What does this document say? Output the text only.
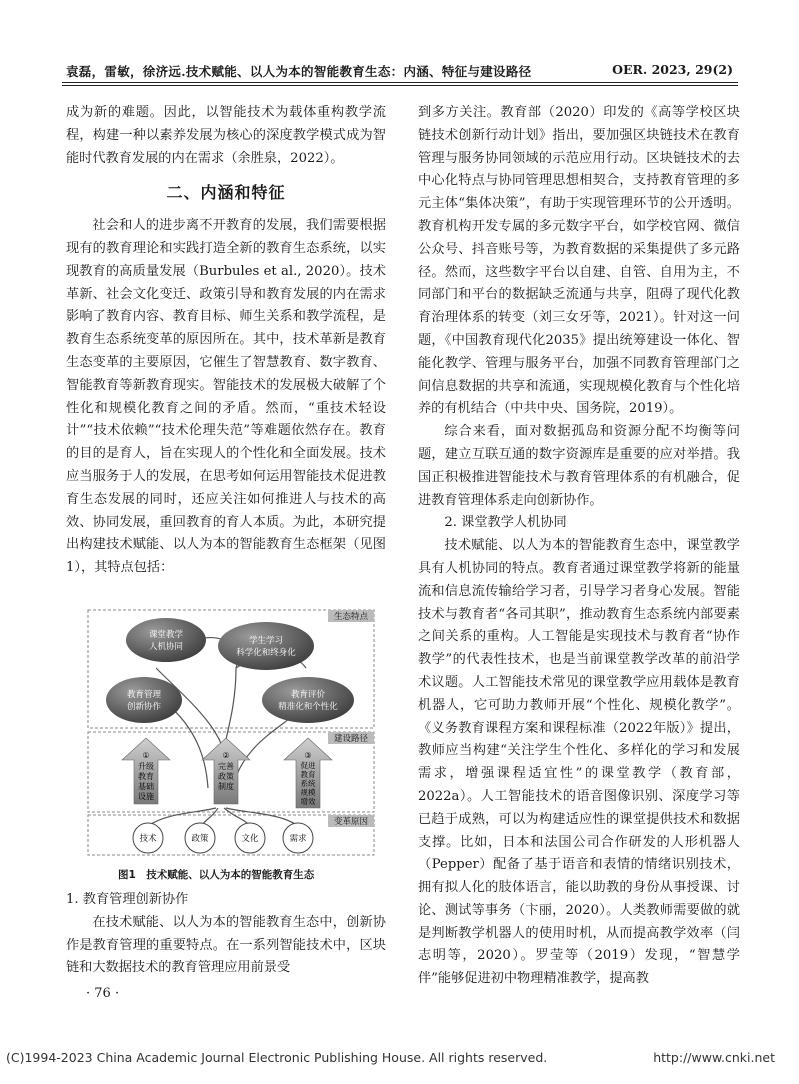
袁磊，雷敏，徐济远.技术赋能、以人为本的智能教育生态：内涵、特征与建设路径	OER. 2023, 29(2)

成为新的难题。因此，以智能技术为载体重构教学流程，构建一种以素养发展为核心的深度教学模式成为智能时代教育发展的内在需求（余胜泉，2022）。

二、内涵和特征

社会和人的进步离不开教育的发展，我们需要根据现有的教育理论和实践打造全新的教育生态系统，以实现教育的高质量发展（Burbules et al., 2020）。技术革新、社会文化变迁、政策引导和教育发展的内在需求影响了教育内容、教育目标、师生关系和教学流程，是教育生态系统变革的原因所在。其中，技术革新是教育生态变革的主要原因，它催生了智慧教育、数字教育、智能教育等新教育现实。智能技术的发展极大破解了个性化和规模化教育之间的矛盾。然而，“重技术轻设计”“技术依赖”“技术伦理失范”等难题依然存在。教育的目的是育人，旨在实现人的个性化和全面发展。技术应当服务于人的发展，在思考如何运用智能技术促进教育生态发展的同时，还应关注如何推进人与技术的高效、协同发展，重回教育的育人本质。为此，本研究提出构建技术赋能、以人为本的智能教育生态框架（见图1），其特点包括：

生态特点
建设路径
变革原因
课堂教学
人机协同
学生学习
科学化和终身化
教育管理
创新协作
教育评价
精准化和个性化
①
升级
教育
基础
设施
②
完善
政策
制度
③
促进
教育
系统
规模
增效
技术	政策	文化	需求
图1　技术赋能、以人为本的智能教育生态

1. 教育管理创新协作

在技术赋能、以人为本的智能教育生态中，创新协作是教育管理的重要特点。在一系列智能技术中，区块链和大数据技术的教育管理应用前景受

· 76 ·

到多方关注。教育部（2020）印发的《高等学校区块链技术创新行动计划》指出，要加强区块链技术在教育管理与服务协同领域的示范应用行动。区块链技术的去中心化特点与协同管理思想相契合，支持教育管理的多元主体“集体决策”，有助于实现管理环节的公开透明。教育机构开发专属的多元数字平台，如学校官网、微信公众号、抖音账号等，为教育数据的采集提供了多元路径。然而，这些数字平台以自建、自管、自用为主，不同部门和平台的数据缺乏流通与共享，阻碍了现代化教育治理体系的转变（刘三女牙等，2021）。针对这一问题，《中国教育现代化2035》提出统筹建设一体化、智能化教学、管理与服务平台，加强不同教育管理部门之间信息数据的共享和流通，实现规模化教育与个性化培养的有机结合（中共中央、国务院，2019）。

综合来看，面对数据孤岛和资源分配不均衡等问题，建立互联互通的数字资源库是重要的应对举措。我国正积极推进智能技术与教育管理体系的有机融合，促进教育管理体系走向创新协作。

2. 课堂教学人机协同

技术赋能、以人为本的智能教育生态中，课堂教学具有人机协同的特点。教育者通过课堂教学将新的能量流和信息流传输给学习者，引导学习者身心发展。智能技术与教育者“各司其职”，推动教育生态系统内部要素之间关系的重构。人工智能是实现技术与教育者“协作教学”的代表性技术，也是当前课堂教学改革的前沿学术议题。人工智能技术常见的课堂教学应用载体是教育机器人，它可助力教师开展“个性化、规模化教学”。《义务教育课程方案和课程标准（2022年版）》提出，教师应当构建“关注学生个性化、多样化的学习和发展需求，增强课程适宜性”的课堂教学（教育部，2022a）。人工智能技术的语音图像识别、深度学习等已趋于成熟，可以为构建适应性的课堂提供技术和数据支撑。比如，日本和法国公司合作研发的人形机器人（Pepper）配备了基于语音和表情的情绪识别技术，拥有拟人化的肢体语言，能以助教的身份从事授课、讨论、测试等事务（卞丽，2020）。人类教师需要做的就是判断教学机器人的使用时机，从而提高教学效率（闫志明等，2020）。罗莹等（2019）发现，“智慧学伴”能够促进初中物理精准教学，提高教

(C)1994-2023 China Academic Journal Electronic Publishing House. All rights reserved.	http://www.cnki.net
